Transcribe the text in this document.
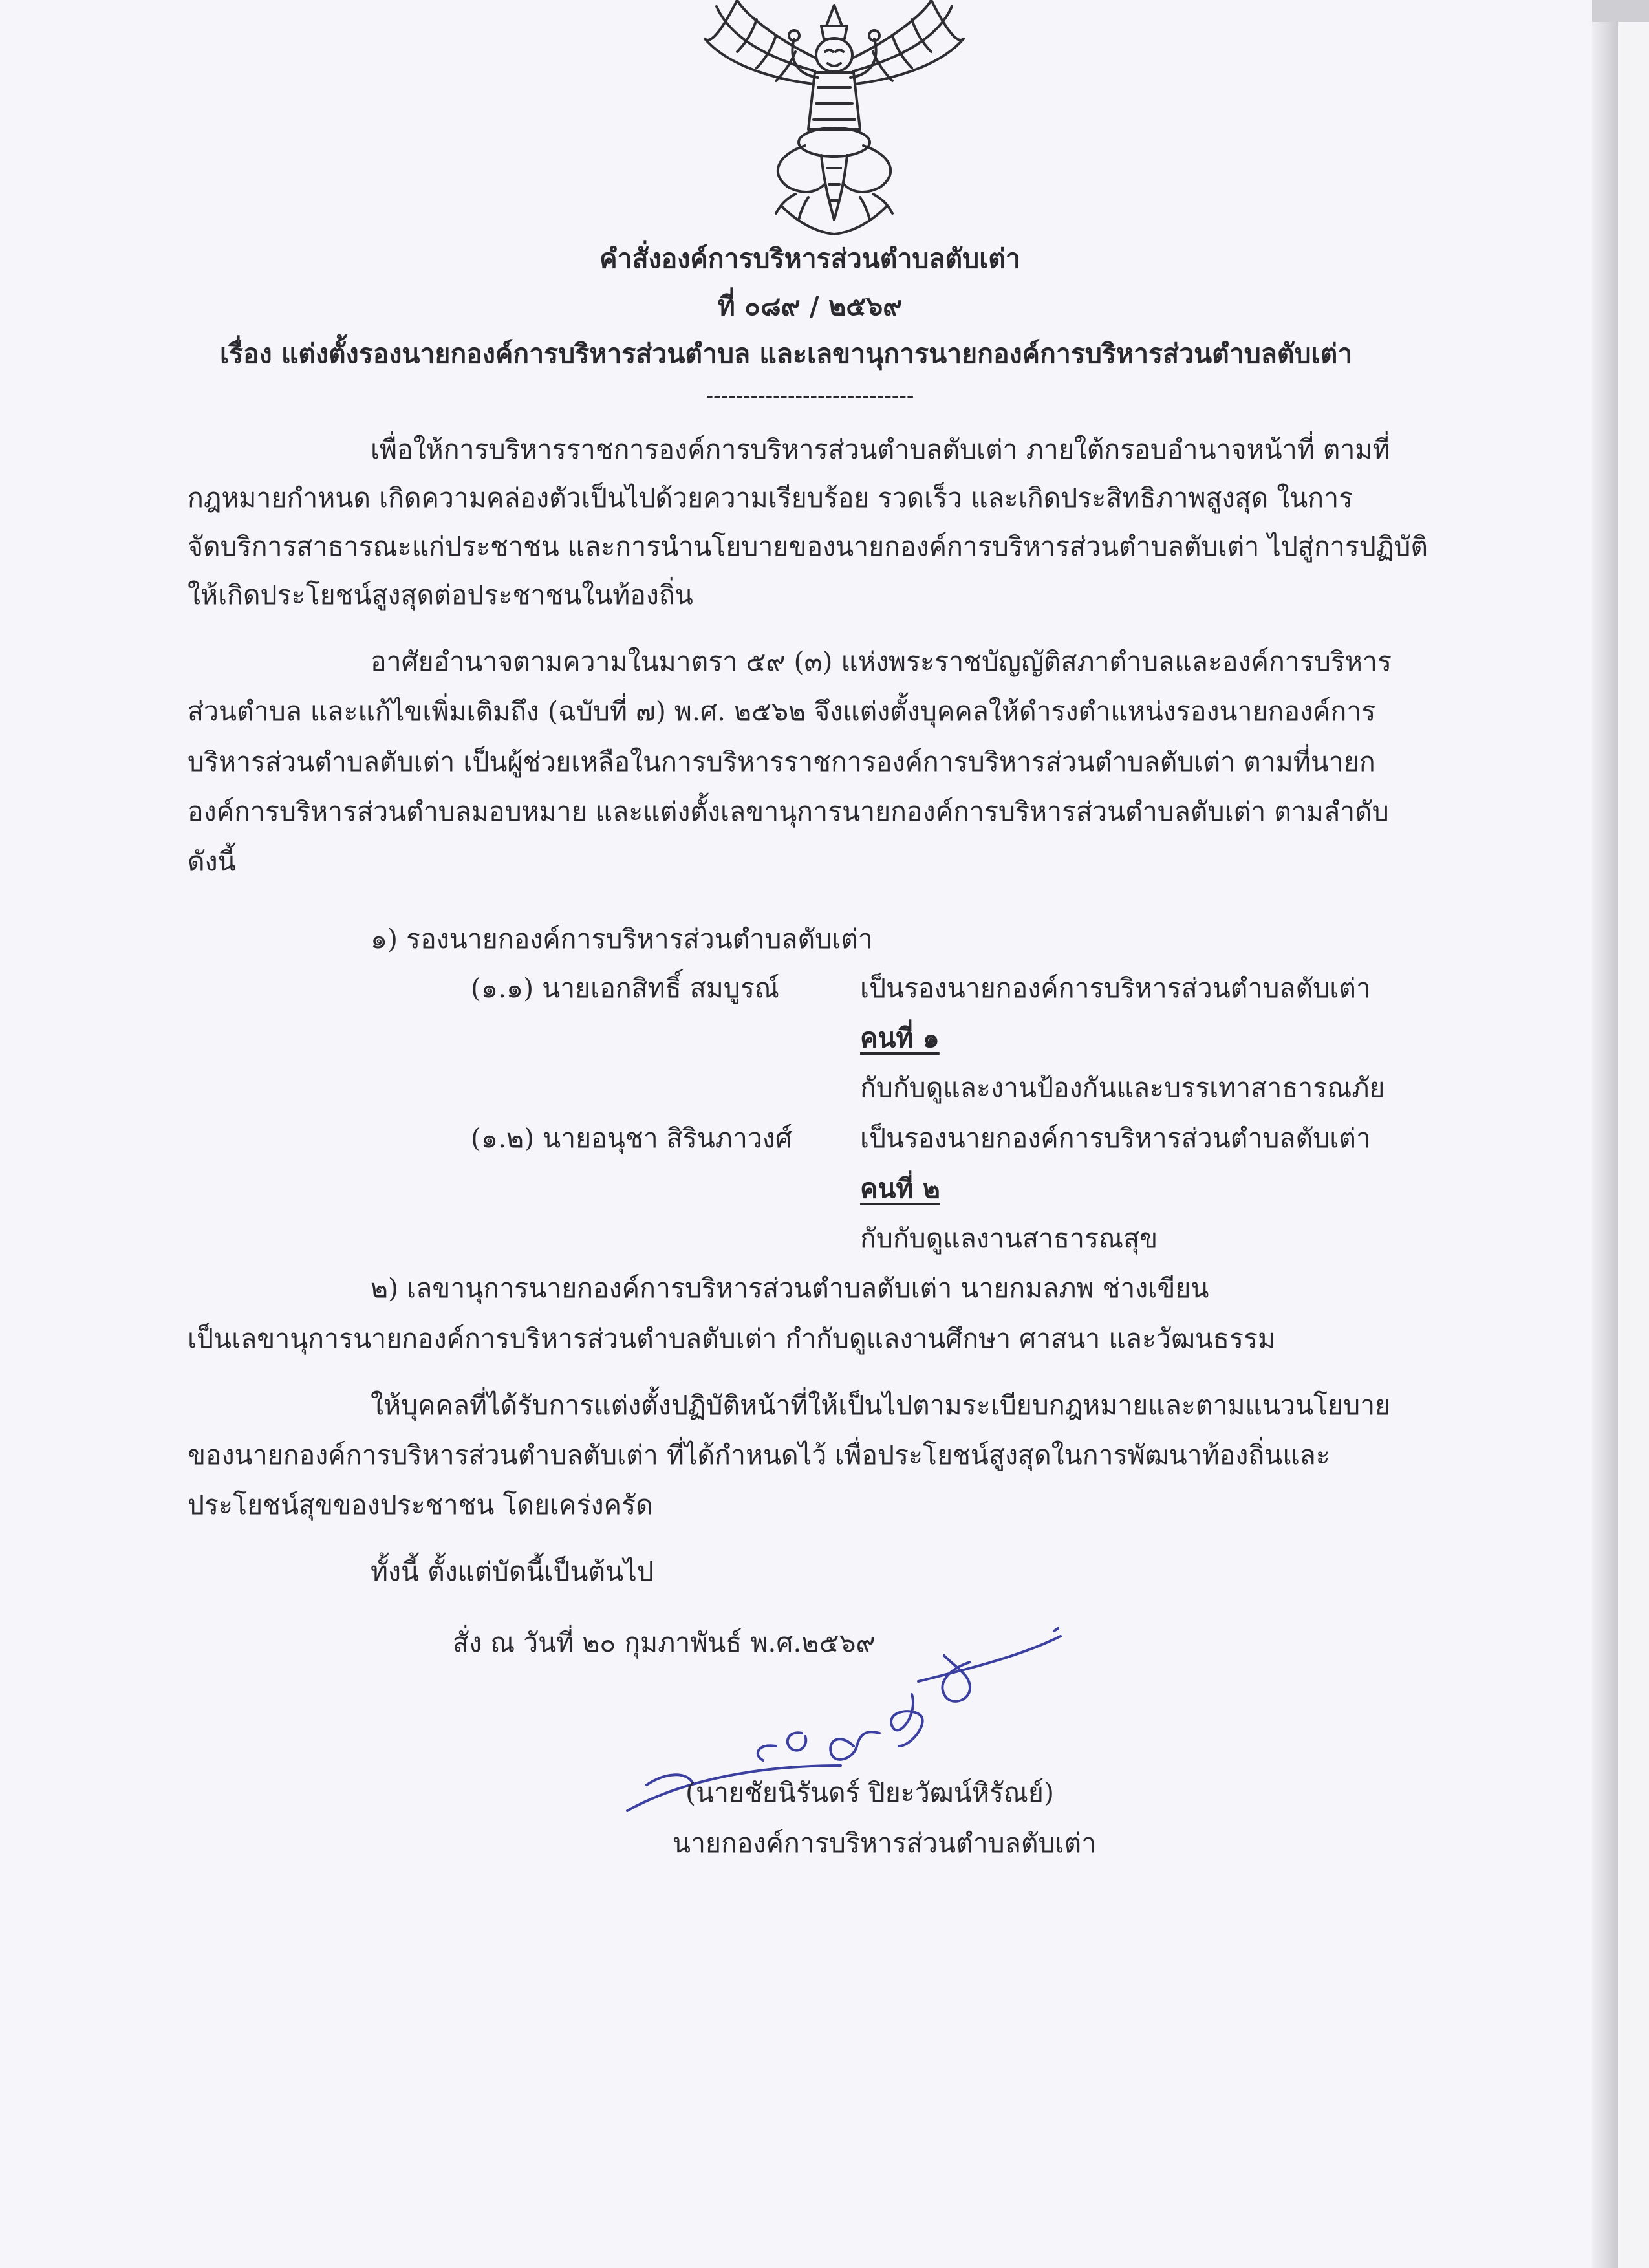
คำสั่งองค์การบริหารส่วนตำบลตับเต่า
ที่ ๐๘๙ / ๒๕๖๙
เรื่อง แต่งตั้งรองนายกองค์การบริหารส่วนตำบล และเลขานุการนายกองค์การบริหารส่วนตำบลตับเต่า
----------------------------
เพื่อให้การบริหารราชการองค์การบริหารส่วนตำบลตับเต่า ภายใต้กรอบอำนาจหน้าที่ ตามที่
กฎหมายกำหนด เกิดความคล่องตัวเป็นไปด้วยความเรียบร้อย รวดเร็ว และเกิดประสิทธิภาพสูงสุด ในการ
จัดบริการสาธารณะแก่ประชาชน และการนำนโยบายของนายกองค์การบริหารส่วนตำบลตับเต่า ไปสู่การปฏิบัติ
ให้เกิดประโยชน์สูงสุดต่อประชาชนในท้องถิ่น
อาศัยอำนาจตามความในมาตรา ๕๙ (๓) แห่งพระราชบัญญัติสภาตำบลและองค์การบริหาร
ส่วนตำบล และแก้ไขเพิ่มเติมถึง (ฉบับที่ ๗) พ.ศ. ๒๕๖๒ จึงแต่งตั้งบุคคลให้ดำรงตำแหน่งรองนายกองค์การ
บริหารส่วนตำบลตับเต่า เป็นผู้ช่วยเหลือในการบริหารราชการองค์การบริหารส่วนตำบลตับเต่า ตามที่นายก
องค์การบริหารส่วนตำบลมอบหมาย และแต่งตั้งเลขานุการนายกองค์การบริหารส่วนตำบลตับเต่า ตามลำดับ
ดังนี้
๑) รองนายกองค์การบริหารส่วนตำบลตับเต่า
(๑.๑) นายเอกสิทธิ์ สมบูรณ์	เป็นรองนายกองค์การบริหารส่วนตำบลตับเต่า
คนที่ ๑
กับกับดูและงานป้องกันและบรรเทาสาธารณภัย
(๑.๒) นายอนุชา สิรินภาวงศ์	เป็นรองนายกองค์การบริหารส่วนตำบลตับเต่า
คนที่ ๒
กับกับดูแลงานสาธารณสุข
๒) เลขานุการนายกองค์การบริหารส่วนตำบลตับเต่า นายกมลภพ ช่างเขียน
เป็นเลขานุการนายกองค์การบริหารส่วนตำบลตับเต่า กำกับดูแลงานศึกษา ศาสนา และวัฒนธรรม
ให้บุคคลที่ได้รับการแต่งตั้งปฏิบัติหน้าที่ให้เป็นไปตามระเบียบกฎหมายและตามแนวนโยบาย
ของนายกองค์การบริหารส่วนตำบลตับเต่า ที่ได้กำหนดไว้ เพื่อประโยชน์สูงสุดในการพัฒนาท้องถิ่นและ
ประโยชน์สุขของประชาชน โดยเคร่งครัด
ทั้งนี้ ตั้งแต่บัดนี้เป็นต้นไป
สั่ง ณ วันที่ ๒๐ กุมภาพันธ์ พ.ศ.๒๕๖๙
(นายชัยนิรันดร์ ปิยะวัฒน์หิรัณย์)
นายกองค์การบริหารส่วนตำบลตับเต่า
